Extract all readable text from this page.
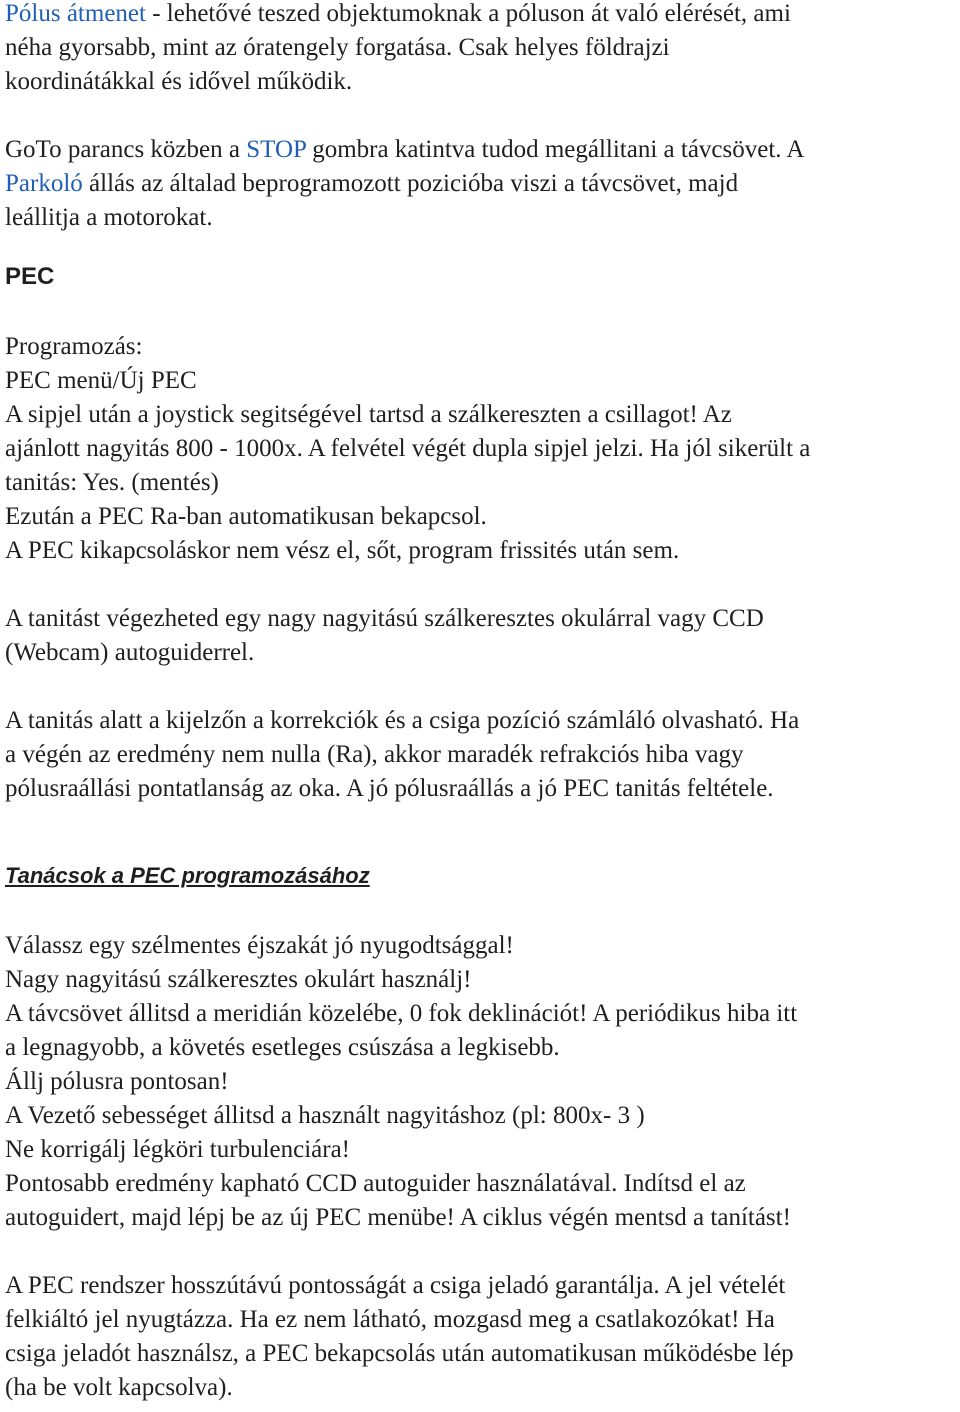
Pólus átmenet - lehetővé teszed objektumoknak a póluson át való elérését, ami
néha gyorsabb, mint az óratengely forgatása. Csak helyes földrajzi
koordinátákkal és idővel működik.
GoTo parancs közben a STOP gombra katintva tudod megállitani a távcsövet. A
Parkoló állás az általad beprogramozott pozicióba viszi a távcsövet, majd
leállitja a motorokat.
PEC
Programozás:
PEC menü/Új PEC
A sipjel után a joystick segitségével tartsd a szálkereszten a csillagot! Az
ajánlott nagyitás 800 - 1000x. A felvétel végét dupla sipjel jelzi. Ha jól sikerült a
tanitás: Yes. (mentés)
Ezután a PEC Ra-ban automatikusan bekapcsol.
A PEC kikapcsoláskor nem vész el, sőt, program frissités után sem.
A tanitást végezheted egy nagy nagyitású szálkeresztes okulárral vagy CCD
(Webcam) autoguiderrel.
A tanitás alatt a kijelzőn a korrekciók és a csiga pozíció számláló olvasható. Ha
a végén az eredmény nem nulla (Ra), akkor maradék refrakciós hiba vagy
pólusraállási pontatlanság az oka. A jó pólusraállás a jó PEC tanitás feltétele.
Tanácsok a PEC programozásához
Válassz egy szélmentes éjszakát jó nyugodtsággal!
Nagy nagyitású szálkeresztes okulárt használj!
A távcsövet állitsd a meridián közelébe, 0 fok deklinációt! A periódikus hiba itt
a legnagyobb, a követés esetleges csúszása a legkisebb.
Állj pólusra pontosan!
A Vezető sebességet állitsd a használt nagyitáshoz (pl: 800x- 3 )
Ne korrigálj légköri turbulenciára!
Pontosabb eredmény kapható CCD autoguider használatával. Indítsd el az
autoguidert, majd lépj be az új PEC menübe! A ciklus végén mentsd a tanítást!
A PEC rendszer hosszútávú pontosságát a csiga jeladó garantálja. A jel vételét
felkiáltó jel nyugtázza. Ha ez nem látható, mozgasd meg a csatlakozókat! Ha
csiga jeladót használsz, a PEC bekapcsolás után automatikusan működésbe lép
(ha be volt kapcsolva).
